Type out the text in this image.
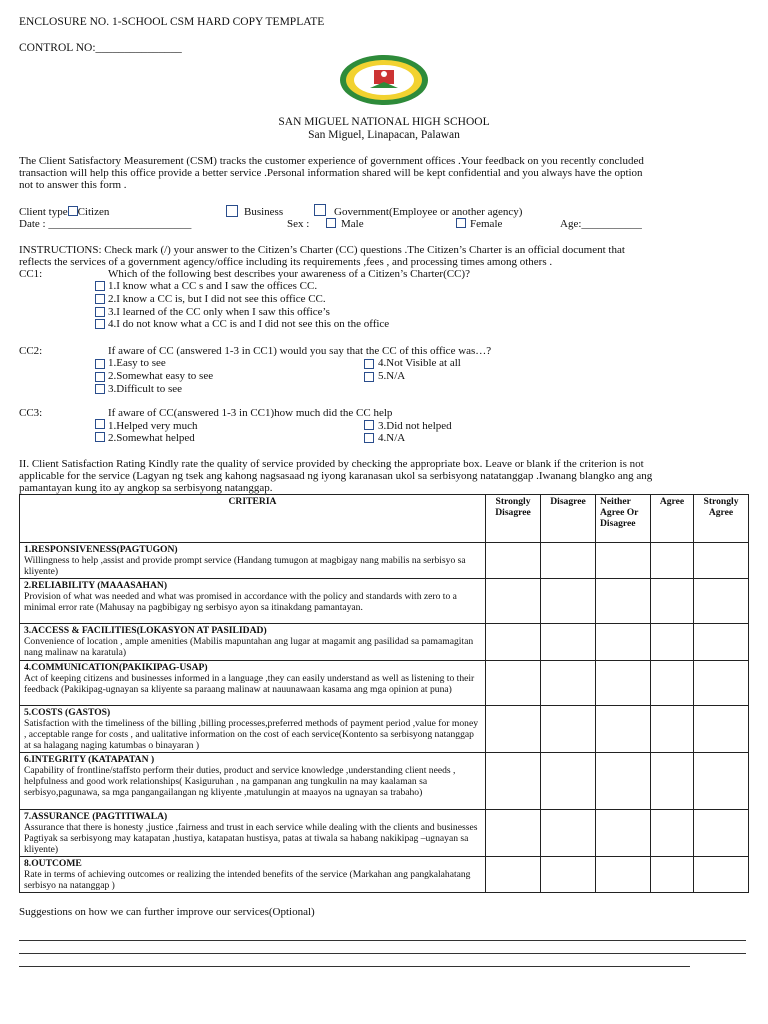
ENCLOSURE NO. 1-SCHOOL CSM HARD COPY TEMPLATE
CONTROL NO:_______________
SAN MIGUEL NATIONAL HIGH SCHOOL
San Miguel, Linapacan, Palawan
The Client Satisfactory Measurement (CSM) tracks the customer experience of government offices .Your feedback on you recently concluded
transaction will help this office provide a better service .Personal information shared will be kept confidential and you always have the option
not to answer this form .
Client type Citizen	Business	Government(Employee or another agency)
Date : __________________________	Sex :	Male	Female	Age:___________
INSTRUCTIONS: Check mark (/) your answer to the Citizen’s Charter (CC) questions .The Citizen’s Charter is an official document that
reflects the services of a government agency/office including its requirements ,fees , and processing times among others .
CC1:	Which of the following best describes your awareness of a Citizen’s Charter(CC)?
1.I know what a CC s and I saw the offices CC.
2.I know a CC is, but I did not see this office CC.
3.I learned of the CC only when I saw this office’s
4.I do not know what a CC is and I did not see this on the office
CC2:	If aware of CC (answered 1-3 in CC1) would you say that the CC of this office was…?
1.Easy to see
2.Somewhat easy to see
3.Difficult to see
4.Not Visible at all
5.N/A
CC3:	If aware of CC(answered 1-3 in CC1)how much did the CC help
1.Helped very much
2.Somewhat helped
3.Did not helped
4.N/A
II. Client Satisfaction Rating Kindly rate the quality of service provided by checking the appropriate box. Leave or blank if the criterion is not
applicable for the service (Lagyan ng tsek ang kahong nagsasaad ng iyong karanasan ukol sa serbisyong natatanggap .Iwanang blangko ang ang
pamantayan kung ito ay angkop sa serbisyong natanggap.
CRITERIA	Strongly Disagree	Disagree	Neither Agree Or Disagree	Agree	Strongly Agree

1.RESPONSIVENESS(PAGTUGON)
Willingness to help ,assist and provide prompt service (Handang tumugon at magbigay nang mabilis na serbisyo sa kliyente)					

2.RELIABILITY (MAAASAHAN)
Provision of what was needed and what was promised in accordance with the policy and standards with zero to a minimal error rate (Mahusay na pagbibigay ng serbisyo ayon sa itinakdang pamantayan.					

3.ACCESS & FACILITIES(LOKASYON AT PASILIDAD)
Convenience of location , ample amenities (Mabilis mapuntahan ang lugar at magamit ang pasilidad sa pamamagitan nang malinaw na karatula)					

4.COMMUNICATION(PAKIKIPAG-USAP)
Act of keeping citizens and businesses informed in a language ,they can easily understand as well as listening to their feedback (Pakikipag-ugnayan sa kliyente sa paraang malinaw at nauunawaan kasama ang mga opinion at puna)					

5.COSTS (GASTOS)
Satisfaction with the timeliness of the billing ,billing processes,preferred methods of payment period ,value for money , acceptable range for costs , and ualitative information on the cost of each service(Kontento sa serbisyong natanggap at sa halagang naging katumbas o binayaran )					

6.INTEGRITY (KATAPATAN )
Capability of frontline/staffsto perform their duties, product and service knowledge ,understanding client needs , helpfulness and good work relationships( Kasiguruhan , na gampanan ang tungkulin na may kaalaman sa serbisyo,pagunawa, sa mga pangangailangan ng kliyente ,matulungin at maayos na ugnayan sa trabaho)					

7.ASSURANCE (PAGTITIWALA)
Assurance that there is honesty ,justice ,fairness and trust in each service while dealing with the clients and businesses Pagtiyak sa serbisyong may katapatan ,hustiya, katapatan hustisya, patas at tiwala sa habang nakikipag –ugnayan sa kliyente)					

8.OUTCOME
Rate in terms of achieving outcomes or realizing the intended benefits of the service (Markahan ang pangkalahatang serbisyo na natanggap )					
Suggestions on how we can further improve our services(Optional)
